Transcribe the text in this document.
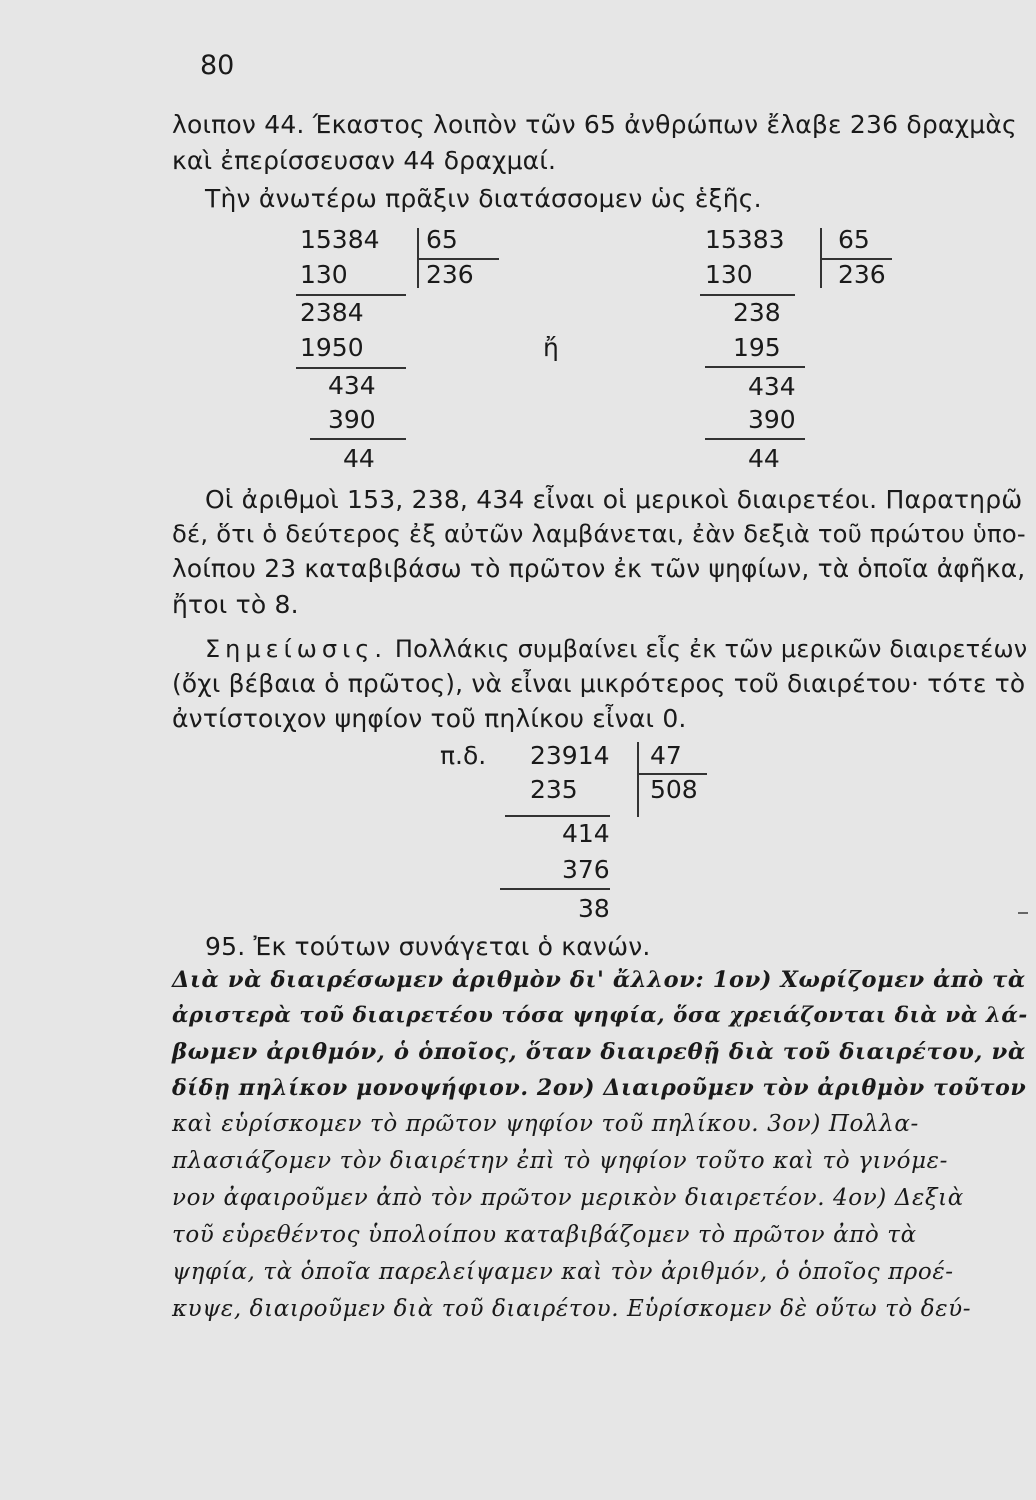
80
λοιπον 44. Έκαστος λοιπὸν τῶν 65 ἀνθρώπων ἔλαβε 236 δραχμὰς
καὶ ἐπερίσσευσαν 44 δραχμαί.
Τὴν ἀνωτέρω πρᾶξιν διατάσσομεν ὡς ἑξῆς.
15384 65
236
130
2384
1950
434
390
44
ἤ
15383 65
236
130
238
195
434
390
44
Οἱ ἀριθμοὶ 153, 238, 434 εἶναι οἱ μερικοὶ διαιρετέοι. Παρατηρῶ
δέ, ὅτι ὁ δεύτερος ἐξ αὐτῶν λαμβάνεται, ἐὰν δεξιὰ τοῦ πρώτου ὑπο-
λοίπου 23 καταβιβάσω τὸ πρῶτον ἐκ τῶν ψηφίων, τὰ ὁποῖα ἀφῆκα,
ἤτοι τὸ 8.
Σημείωσις. Πολλάκις συμβαίνει εἷς ἐκ τῶν μερικῶν διαιρετέων
(ὄχι βέβαια ὁ πρῶτος), νὰ εἶναι μικρότερος τοῦ διαιρέτου· τότε τὸ
ἀντίστοιχον ψηφίον τοῦ πηλίκου εἶναι 0.
π.δ. 23914 47
508
235
414
376
38
95. Ἐκ τούτων συνάγεται ὁ κανών.
Διὰ νὰ διαιρέσωμεν ἀριθμὸν δι' ἄλλον: 1ον) Χωρίζομεν ἀπὸ τὰ
ἀριστερὰ τοῦ διαιρετέου τόσα ψηφία, ὅσα χρειάζονται διὰ νὰ λά-
βωμεν ἀριθμόν, ὁ ὁποῖος, ὅταν διαιρεθῇ διὰ τοῦ διαιρέτου, νὰ
δίδῃ πηλίκον μονοψήφιον. 2ον) Διαιροῦμεν τὸν ἀριθμὸν τοῦτον
καὶ εὑρίσκομεν τὸ πρῶτον ψηφίον τοῦ πηλίκου. 3ον) Πολλα-
πλασιάζομεν τὸν διαιρέτην ἐπὶ τὸ ψηφίον τοῦτο καὶ τὸ γινόμε-
νον ἀφαιροῦμεν ἀπὸ τὸν πρῶτον μερικὸν διαιρετέον. 4ον) Δεξιὰ
τοῦ εὑρεθέντος ὑπολοίπου καταβιβάζομεν τὸ πρῶτον ἀπὸ τὰ
ψηφία, τὰ ὁποῖα παρελείψαμεν καὶ τὸν ἀριθμόν, ὁ ὁποῖος προέ-
κυψε, διαιροῦμεν διὰ τοῦ διαιρέτου. Εὑρίσκομεν δὲ οὕτω τὸ δεύ-
